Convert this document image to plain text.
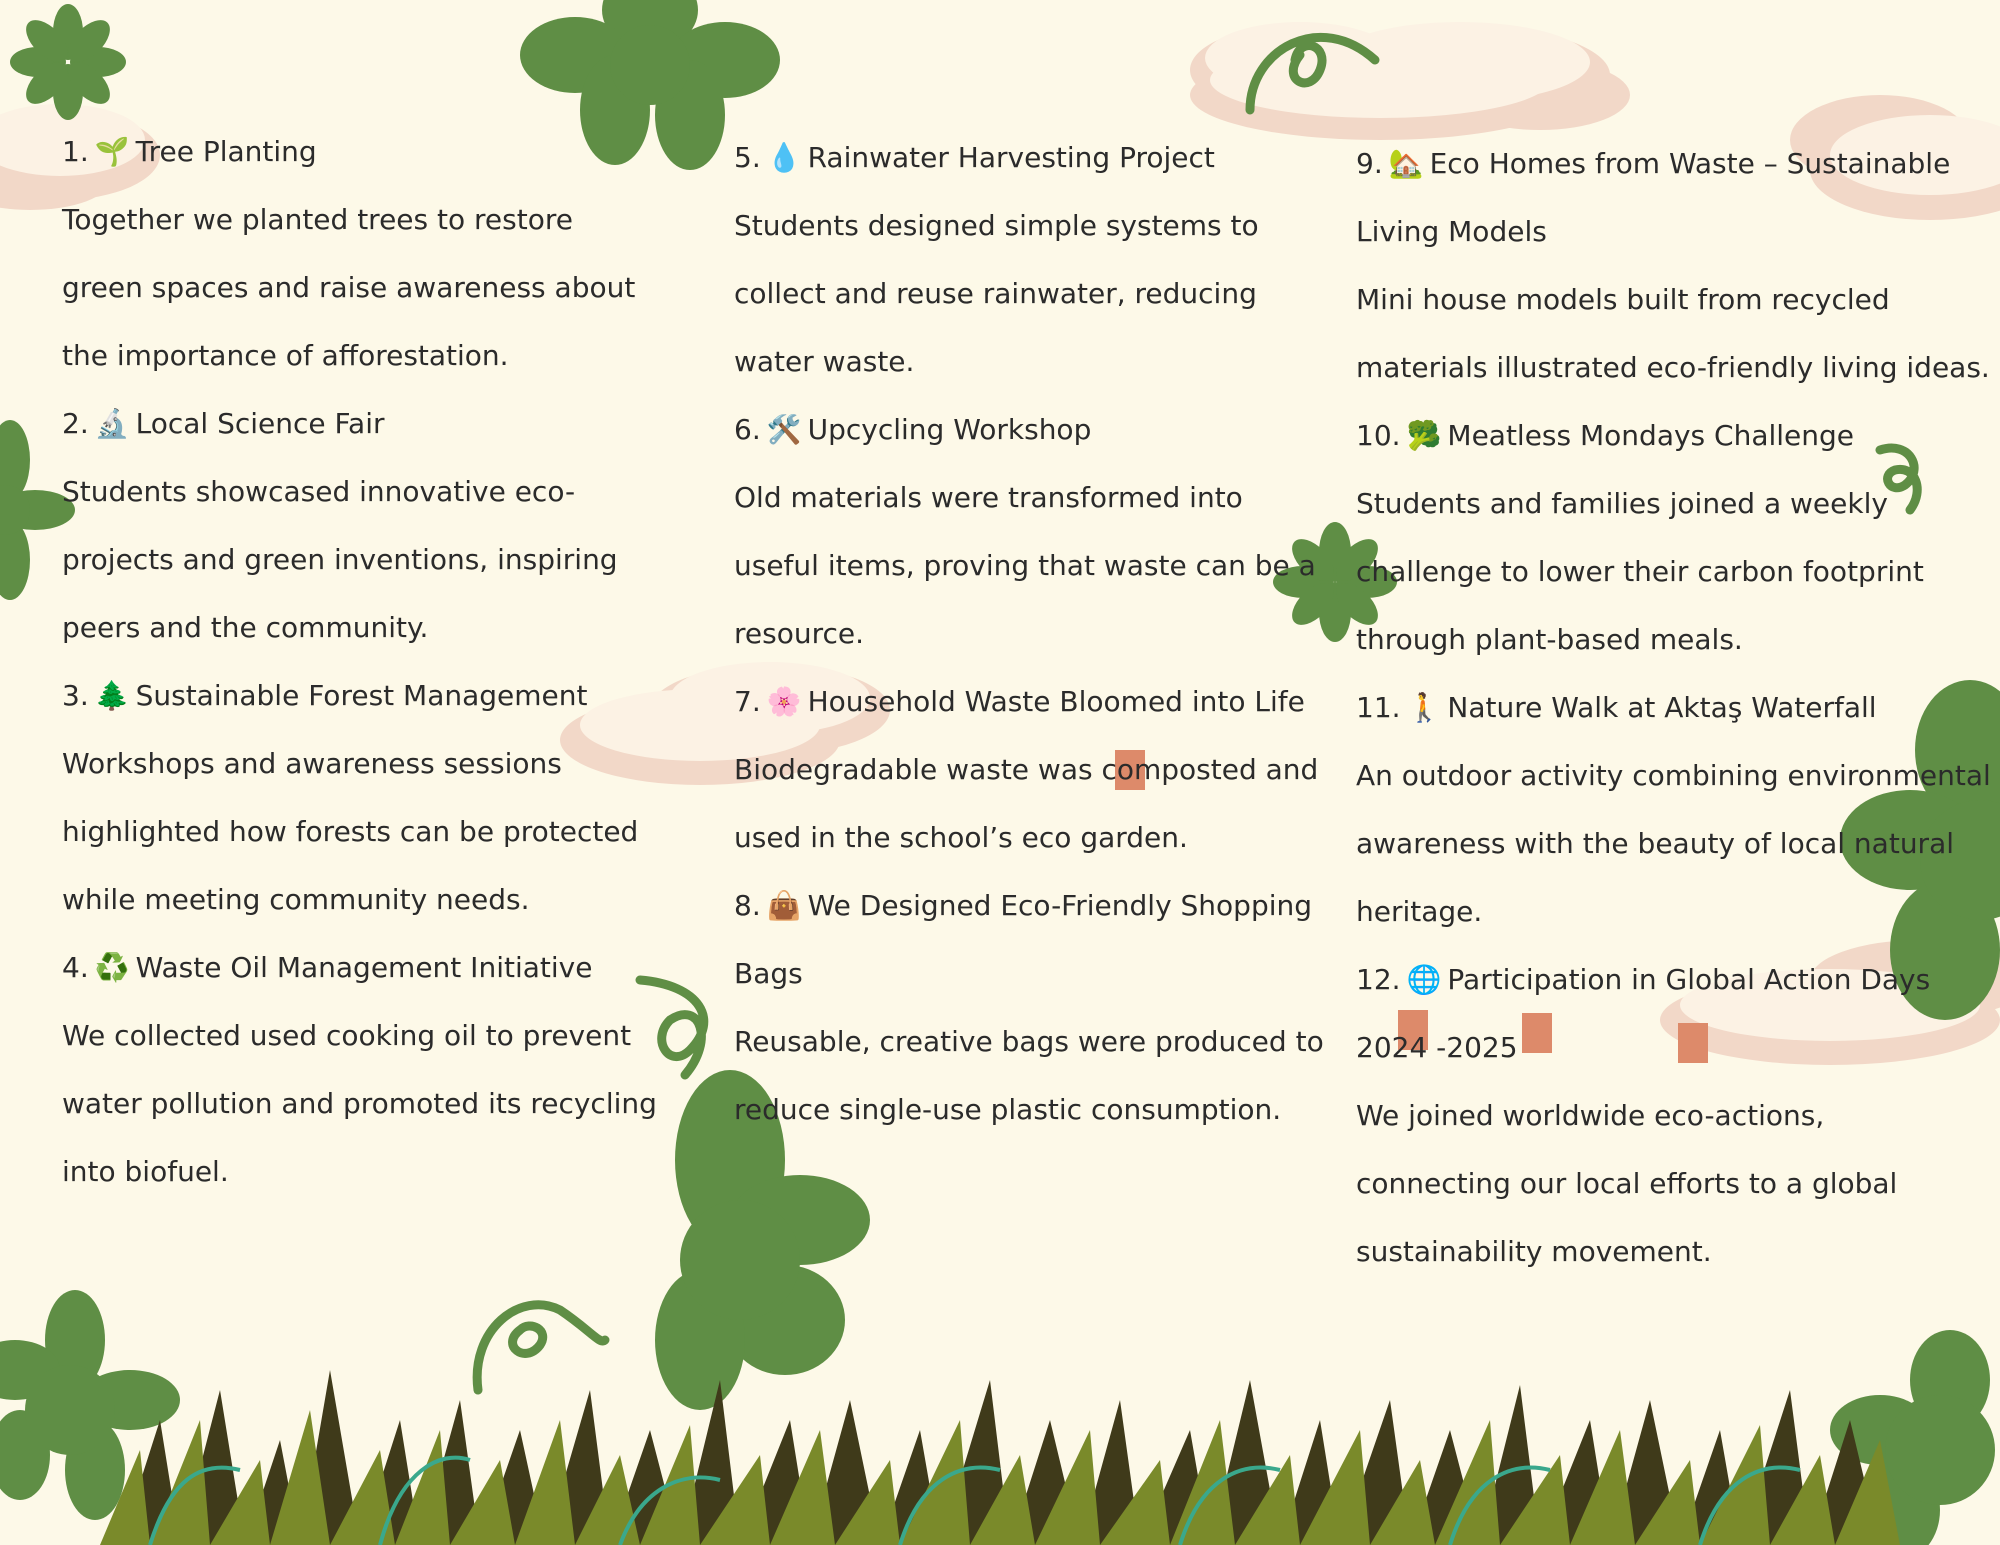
1. 🌱 Tree Planting

Together we planted trees to restore
green spaces and raise awareness about
the importance of afforestation.

2. 🔬 Local Science Fair

Students showcased innovative eco-
projects and green inventions, inspiring
peers and the community.

3. 🌲 Sustainable Forest Management

Workshops and awareness sessions
highlighted how forests can be protected
while meeting community needs.

4. ♻️ Waste Oil Management Initiative

We collected used cooking oil to prevent
water pollution and promoted its recycling
into biofuel.

5. 💧 Rainwater Harvesting Project

Students designed simple systems to
collect and reuse rainwater, reducing
water waste.

6. 🛠️ Upcycling Workshop

Old materials were transformed into
useful items, proving that waste can be a
resource.

7. 🌸 Household Waste Bloomed into Life

Biodegradable waste was composted and
used in the school’s eco garden.

8. 👜 We Designed Eco-Friendly Shopping
Bags

Reusable, creative bags were produced to
reduce single-use plastic consumption.

9. 🏡 Eco Homes from Waste – Sustainable
Living Models

Mini house models built from recycled
materials illustrated eco-friendly living ideas.

10. 🥦 Meatless Mondays Challenge

Students and families joined a weekly
challenge to lower their carbon footprint
through plant-based meals.

11. 🚶 Nature Walk at Aktaş Waterfall

An outdoor activity combining environmental
awareness with the beauty of local natural
heritage.

12. 🌐 Participation in Global Action Days
2024 -2025

We joined worldwide eco-actions,
connecting our local efforts to a global
sustainability movement.
